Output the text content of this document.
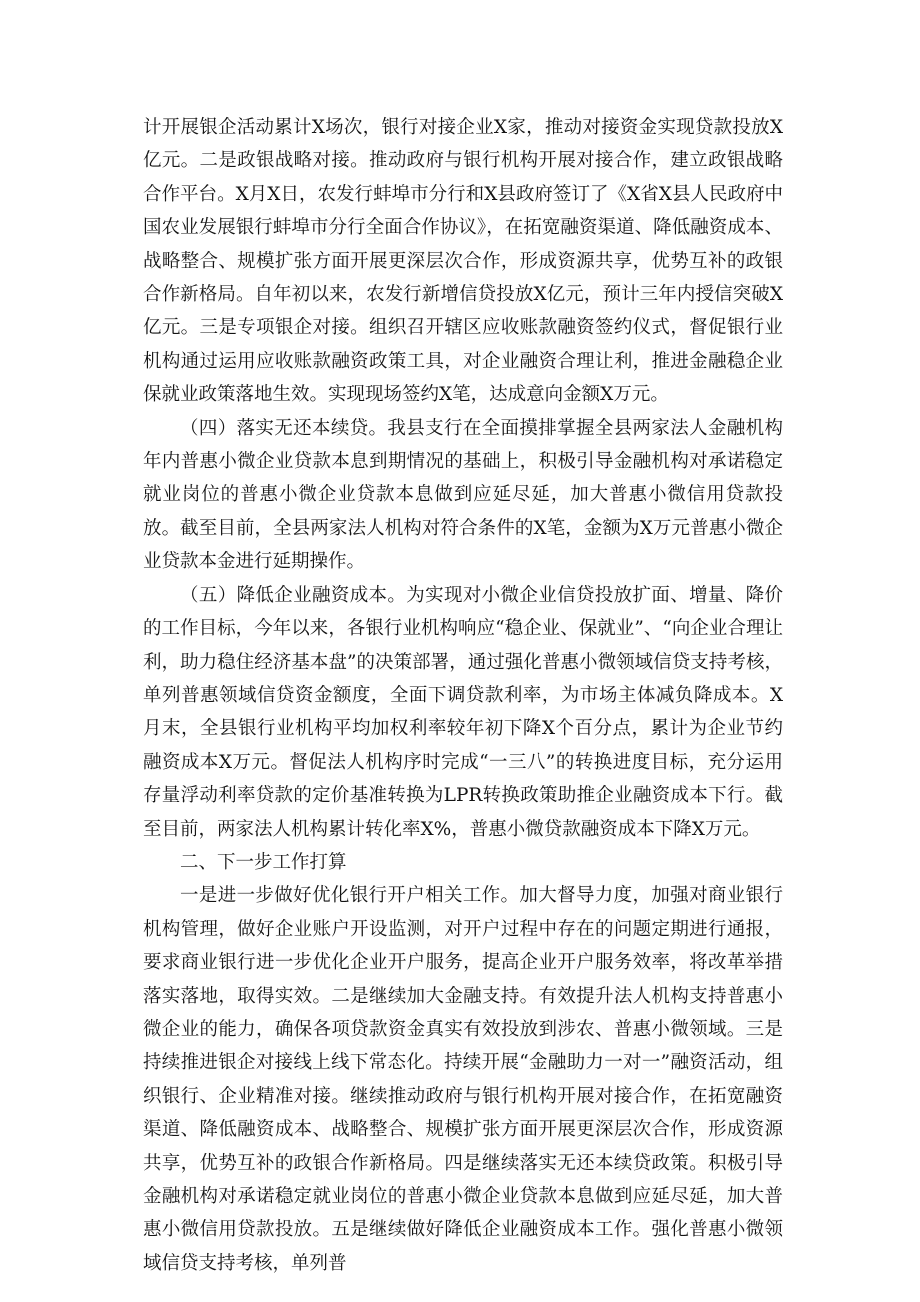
计开展银企活动累计X场次，银行对接企业X家，推动对接资金实现贷款投放X亿元。二是政银战略对接。推动政府与银行机构开展对接合作，建立政银战略合作平台。X月X日，农发行蚌埠市分行和X县政府签订了《X省X县人民政府中国农业发展银行蚌埠市分行全面合作协议》，在拓宽融资渠道、降低融资成本、战略整合、规模扩张方面开展更深层次合作，形成资源共享，优势互补的政银合作新格局。自年初以来，农发行新增信贷投放X亿元，预计三年内授信突破X亿元。三是专项银企对接。组织召开辖区应收账款融资签约仪式，督促银行业机构通过运用应收账款融资政策工具，对企业融资合理让利，推进金融稳企业保就业政策落地生效。实现现场签约X笔，达成意向金额X万元。

（四）落实无还本续贷。我县支行在全面摸排掌握全县两家法人金融机构年内普惠小微企业贷款本息到期情况的基础上，积极引导金融机构对承诺稳定就业岗位的普惠小微企业贷款本息做到应延尽延，加大普惠小微信用贷款投放。截至目前，全县两家法人机构对符合条件的X笔，金额为X万元普惠小微企业贷款本金进行延期操作。

（五）降低企业融资成本。为实现对小微企业信贷投放扩面、增量、降价的工作目标，今年以来，各银行业机构响应“稳企业、保就业”、“向企业合理让利，助力稳住经济基本盘”的决策部署，通过强化普惠小微领域信贷支持考核，单列普惠领域信贷资金额度，全面下调贷款利率，为市场主体减负降成本。X月末，全县银行业机构平均加权利率较年初下降X个百分点，累计为企业节约融资成本X万元。督促法人机构序时完成“一三八”的转换进度目标，充分运用存量浮动利率贷款的定价基准转换为LPR转换政策助推企业融资成本下行。截至目前，两家法人机构累计转化率X%，普惠小微贷款融资成本下降X万元。

二、下一步工作打算

一是进一步做好优化银行开户相关工作。加大督导力度，加强对商业银行机构管理，做好企业账户开设监测，对开户过程中存在的问题定期进行通报，要求商业银行进一步优化企业开户服务，提高企业开户服务效率，将改革举措落实落地，取得实效。二是继续加大金融支持。有效提升法人机构支持普惠小微企业的能力，确保各项贷款资金真实有效投放到涉农、普惠小微领域。三是持续推进银企对接线上线下常态化。持续开展“金融助力一对一”融资活动，组织银行、企业精准对接。继续推动政府与银行机构开展对接合作，在拓宽融资渠道、降低融资成本、战略整合、规模扩张方面开展更深层次合作，形成资源共享，优势互补的政银合作新格局。四是继续落实无还本续贷政策。积极引导金融机构对承诺稳定就业岗位的普惠小微企业贷款本息做到应延尽延，加大普惠小微信用贷款投放。五是继续做好降低企业融资成本工作。强化普惠小微领域信贷支持考核，单列普
